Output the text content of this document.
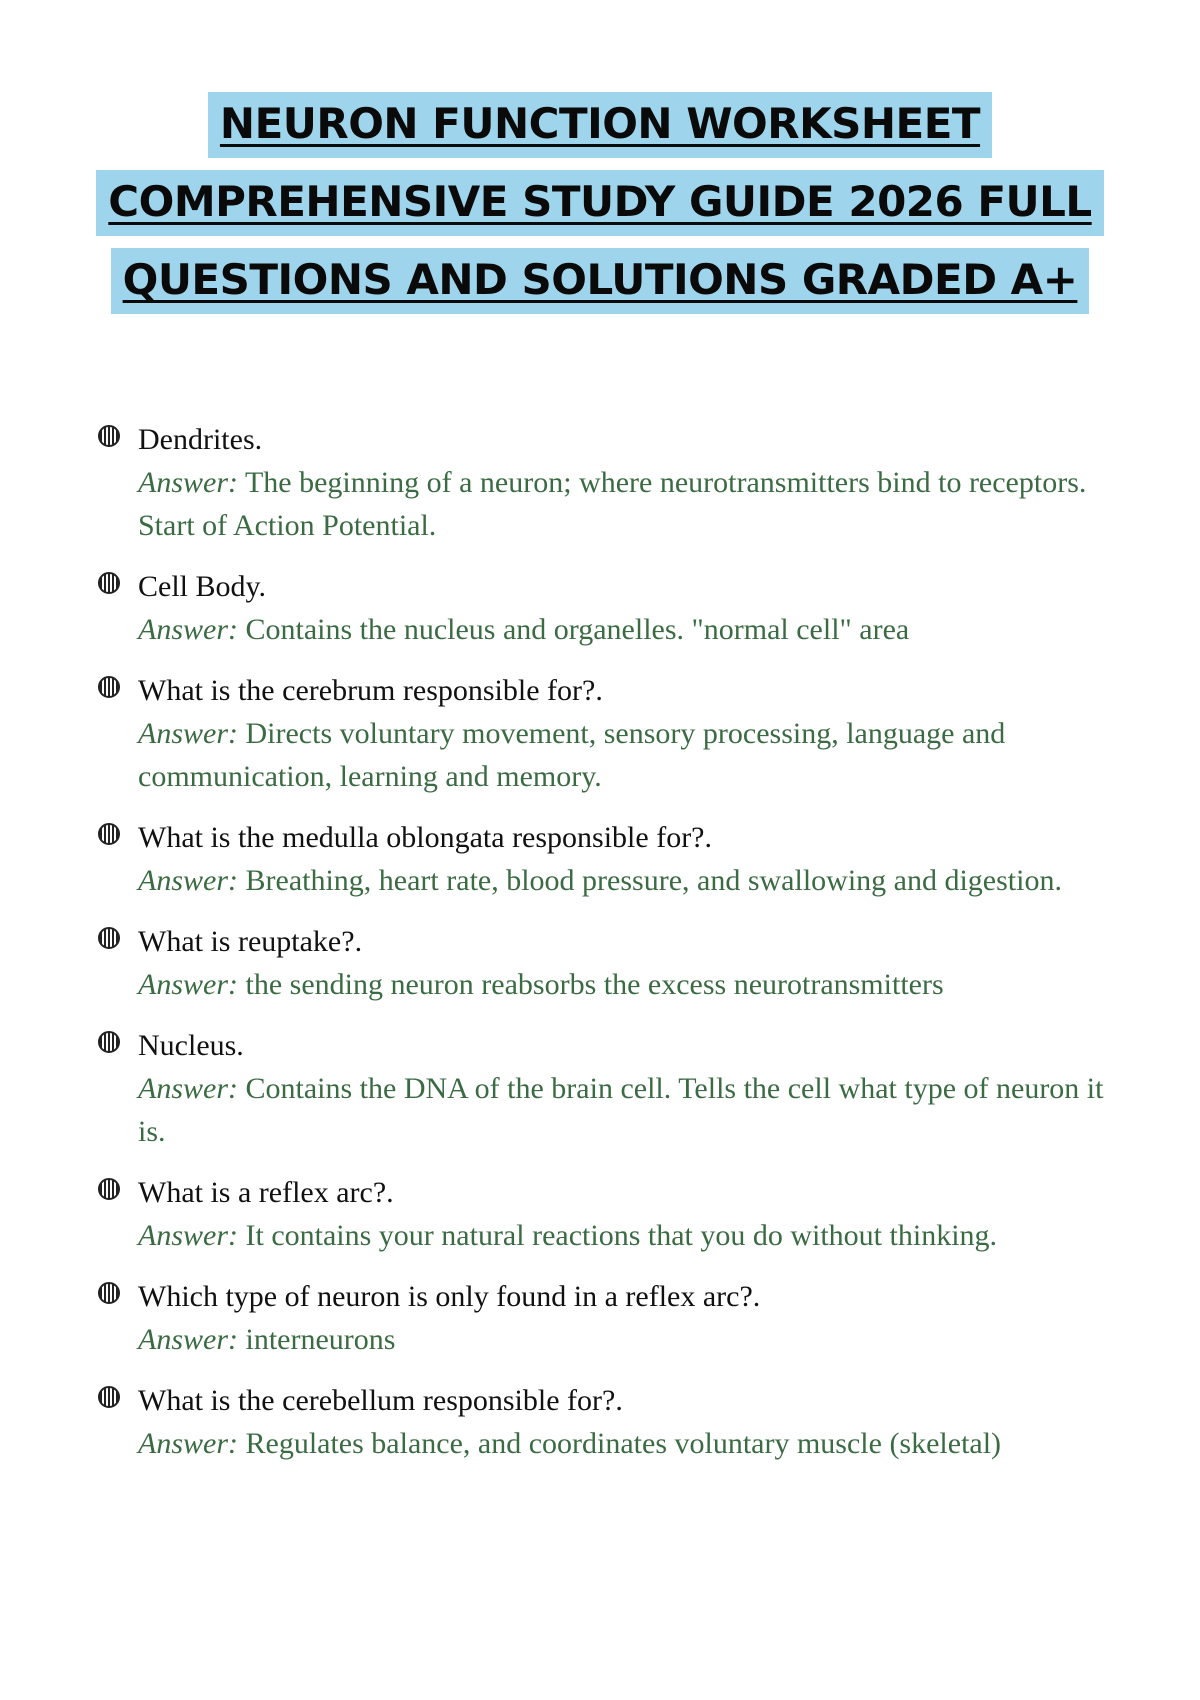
NEURON FUNCTION WORKSHEET
COMPREHENSIVE STUDY GUIDE 2026 FULL
QUESTIONS AND SOLUTIONS GRADED A+
Dendrites.
Answer: The beginning of a neuron; where neurotransmitters bind to receptors. Start of Action Potential.
Cell Body.
Answer: Contains the nucleus and organelles. "normal cell" area
What is the cerebrum responsible for?.
Answer: Directs voluntary movement, sensory processing, language and communication, learning and memory.
What is the medulla oblongata responsible for?.
Answer: Breathing, heart rate, blood pressure, and swallowing and digestion.
What is reuptake?.
Answer: the sending neuron reabsorbs the excess neurotransmitters
Nucleus.
Answer: Contains the DNA of the brain cell. Tells the cell what type of neuron it is.
What is a reflex arc?.
Answer: It contains your natural reactions that you do without thinking.
Which type of neuron is only found in a reflex arc?.
Answer: interneurons
What is the cerebellum responsible for?.
Answer: Regulates balance, and coordinates voluntary muscle (skeletal)
